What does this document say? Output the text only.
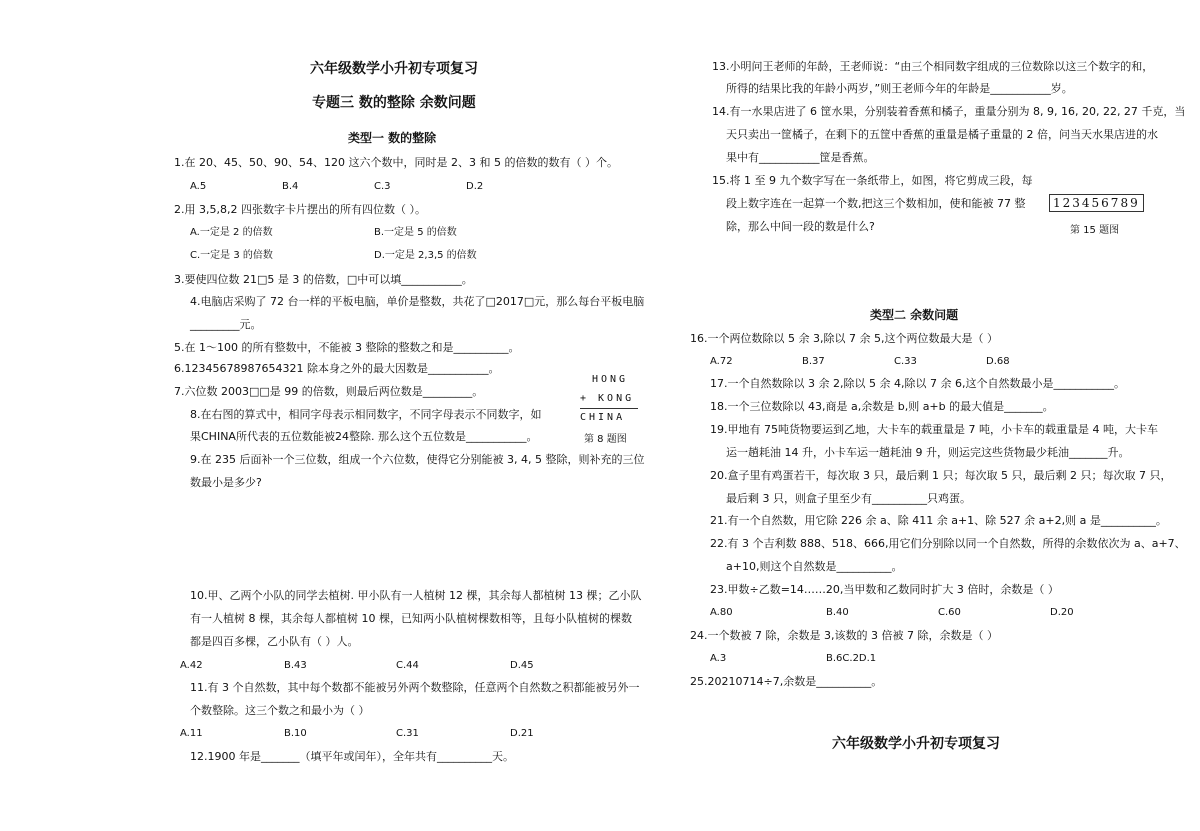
六年级数学小升初专项复习
专题三 数的整除 余数问题
类型一 数的整除
1.在 20、45、50、90、54、120 这六个数中，同时是 2、3 和 5 的倍数的数有（ ）个。
A.5	B.4	C.3	D.2
2.用 3,5,8,2 四张数字卡片摆出的所有四位数（ ）。
A.一定是 2 的倍数	B.一定是 5 的倍数
C.一定是 3 的倍数	D.一定是 2,3,5 的倍数
3.要使四位数 21□5 是 3 的倍数，□中可以填___________。
4.电脑店采购了 72 台一样的平板电脑，单价是整数，共花了□2017□元，那么每台平板电脑
_________元。
5.在 1～100 的所有整数中，不能被 3 整除的整数之和是__________。
6.12345678987654321 除本身之外的最大因数是___________。
7.六位数 2003□□是 99 的倍数，则最后两位数是_________。
8.在右图的算式中，相同字母表示相同数字，不同字母表示不同数字，如
果CHINA所代表的五位数能被24整除. 那么这个五位数是___________。
HONG
+ KONG
CHINA
第 8 题图
9.在 235 后面补一个三位数，组成一个六位数，使得它分别能被 3, 4, 5 整除，则补充的三位
数最小是多少?
10.甲、乙两个小队的同学去植树. 甲小队有一人植树 12 棵，其余每人都植树 13 棵；乙小队
有一人植树 8 棵，其余每人都植树 10 棵，已知两小队植树棵数相等，且每小队植树的棵数
都是四百多棵，乙小队有（ ）人。
A.42	B.43	C.44	D.45
11.有 3 个自然数，其中每个数都不能被另外两个数整除，任意两个自然数之积都能被另外一
个数整除。这三个数之和最小为（ ）
A.11	B.10	C.31	D.21
12.1900 年是_______（填平年或闰年），全年共有__________天。
13.小明问王老师的年龄，王老师说：“由三个相同数字组成的三位数除以这三个数字的和，
所得的结果比我的年龄小两岁，”则王老师今年的年龄是___________岁。
14.有一水果店进了 6 筐水果，分别装着香蕉和橘子，重量分别为 8, 9, 16, 20, 22, 27 千克，当
天只卖出一筐橘子，在剩下的五筐中香蕉的重量是橘子重量的 2 倍，问当天水果店进的水
果中有___________筐是香蕉。
15.将 1 至 9 九个数字写在一条纸带上，如图，将它剪成三段，每
段上数字连在一起算一个数,把这三个数相加，使和能被 77 整
除，那么中间一段的数是什么?
123456789
第 15 题图
类型二 余数问题
16.一个两位数除以 5 余 3,除以 7 余 5,这个两位数最大是（ ）
A.72	B.37	C.33	D.68
17.一个自然数除以 3 余 2,除以 5 余 4,除以 7 余 6,这个自然数最小是___________。
18.一个三位数除以 43,商是 a,余数是 b,则 a+b 的最大值是_______。
19.甲地有 75吨货物要运到乙地，大卡车的载重量是 7 吨，小卡车的载重量是 4 吨，大卡车
运一趟耗油 14 升，小卡车运一趟耗油 9 升，则运完这些货物最少耗油_______升。
20.盒子里有鸡蛋若干，每次取 3 只，最后剩 1 只；每次取 5 只，最后剩 2 只；每次取 7 只，
最后剩 3 只，则盒子里至少有__________只鸡蛋。
21.有一个自然数，用它除 226 余 a、除 411 余 a+1、除 527 余 a+2,则 a 是__________。
22.有 3 个吉利数 888、518、666,用它们分别除以同一个自然数，所得的余数依次为 a、a+7、
a+10,则这个自然数是__________。
23.甲数÷乙数=14……20,当甲数和乙数同时扩大 3 倍时，余数是（ ）
A.80	B.40	C.60	D.20
24.一个数被 7 除，余数是 3,该数的 3 倍被 7 除，余数是（ ）
A.3	B.6C.2D.1
25.20210714÷7,余数是__________。
六年级数学小升初专项复习
